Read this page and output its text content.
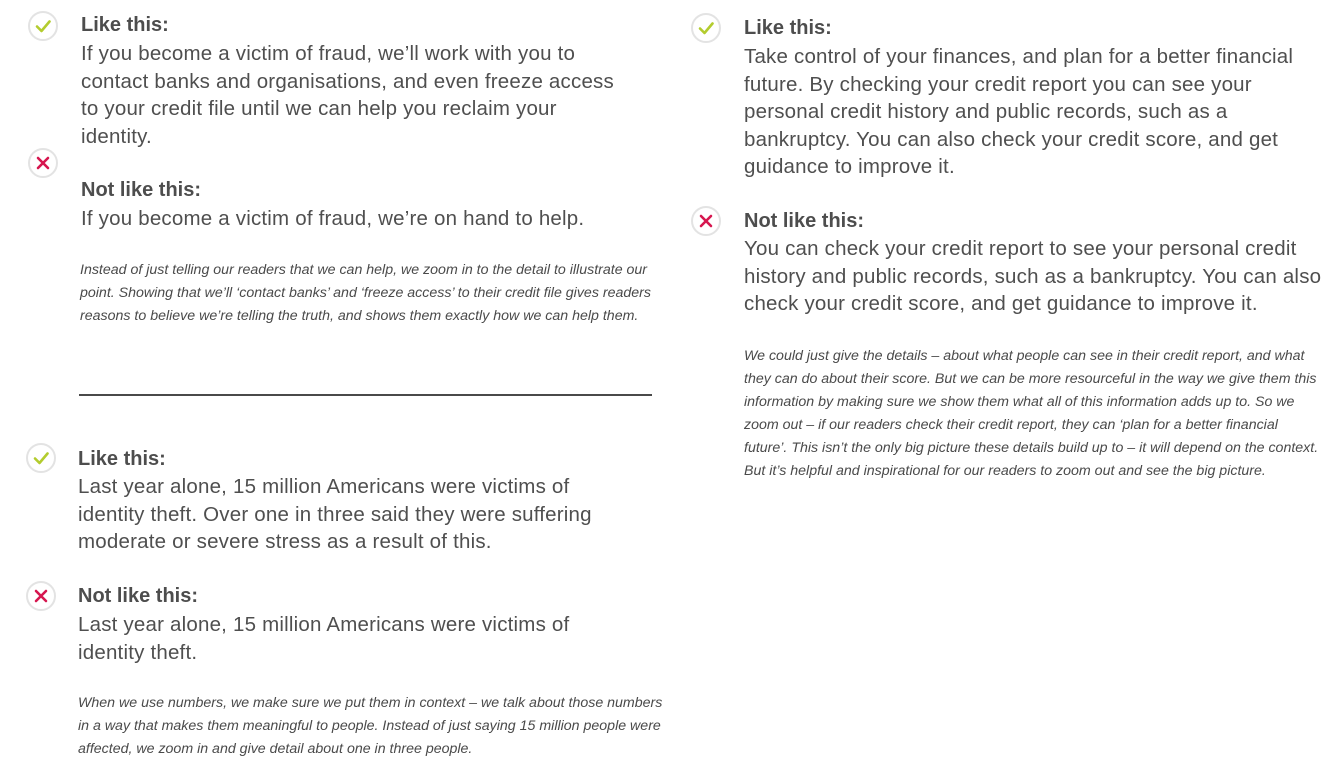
Like this:

If you become a victim of fraud, we’ll work with you to contact banks and organisations, and even freeze access to your credit file until we can help you reclaim your identity.

Not like this:

If you become a victim of fraud, we’re on hand to help.

Instead of just telling our readers that we can help, we zoom in to the detail to illustrate our point. Showing that we’ll ‘contact banks’ and ‘freeze access’ to their credit file gives readers reasons to believe we’re telling the truth, and shows them exactly how we can help them.

Like this:

Last year alone, 15 million Americans were victims of identity theft. Over one in three said they were suffering moderate or severe stress as a result of this.

Not like this:

Last year alone, 15 million Americans were victims of identity theft.

When we use numbers, we make sure we put them in context – we talk about those numbers in a way that makes them meaningful to people. Instead of just saying 15 million people were affected, we zoom in and give detail about one in three people.

Like this:

Take control of your finances, and plan for a better financial future. By checking your credit report you can see your personal credit history and public records, such as a bankruptcy. You can also check your credit score, and get guidance to improve it.

Not like this:

You can check your credit report to see your personal credit history and public records, such as a bankruptcy. You can also check your credit score, and get guidance to improve it.

We could just give the details – about what people can see in their credit report, and what they can do about their score. But we can be more resourceful in the way we give them this information by making sure we show them what all of this information adds up to. So we zoom out – if our readers check their credit report, they can ‘plan for a better financial future’. This isn’t the only big picture these details build up to – it will depend on the context. But it’s helpful and inspirational for our readers to zoom out and see the big picture.
